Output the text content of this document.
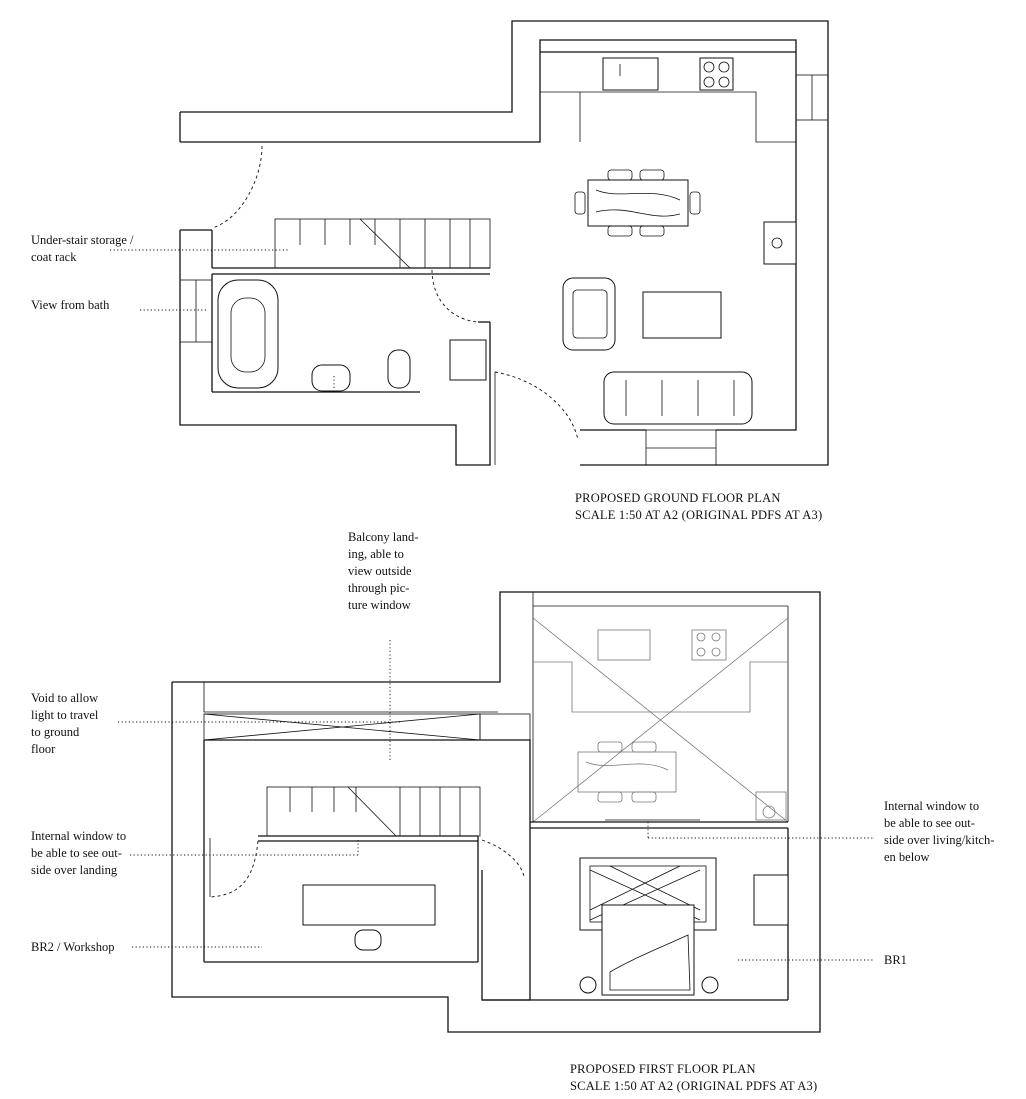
Under-stair storage /
coat rack
View from bath
PROPOSED GROUND FLOOR PLAN
SCALE 1:50 AT A2 (ORIGINAL PDFS AT A3)
Balcony land-
ing, able to
view outside
through pic-
ture window
Void to allow
light to travel
to ground
floor
Internal window to
be able to see out-
side over landing
BR2 / Workshop
Internal window to
be able to see out-
side over living/kitch-
en below
BR1
PROPOSED FIRST FLOOR PLAN
SCALE 1:50 AT A2 (ORIGINAL PDFS AT A3)
